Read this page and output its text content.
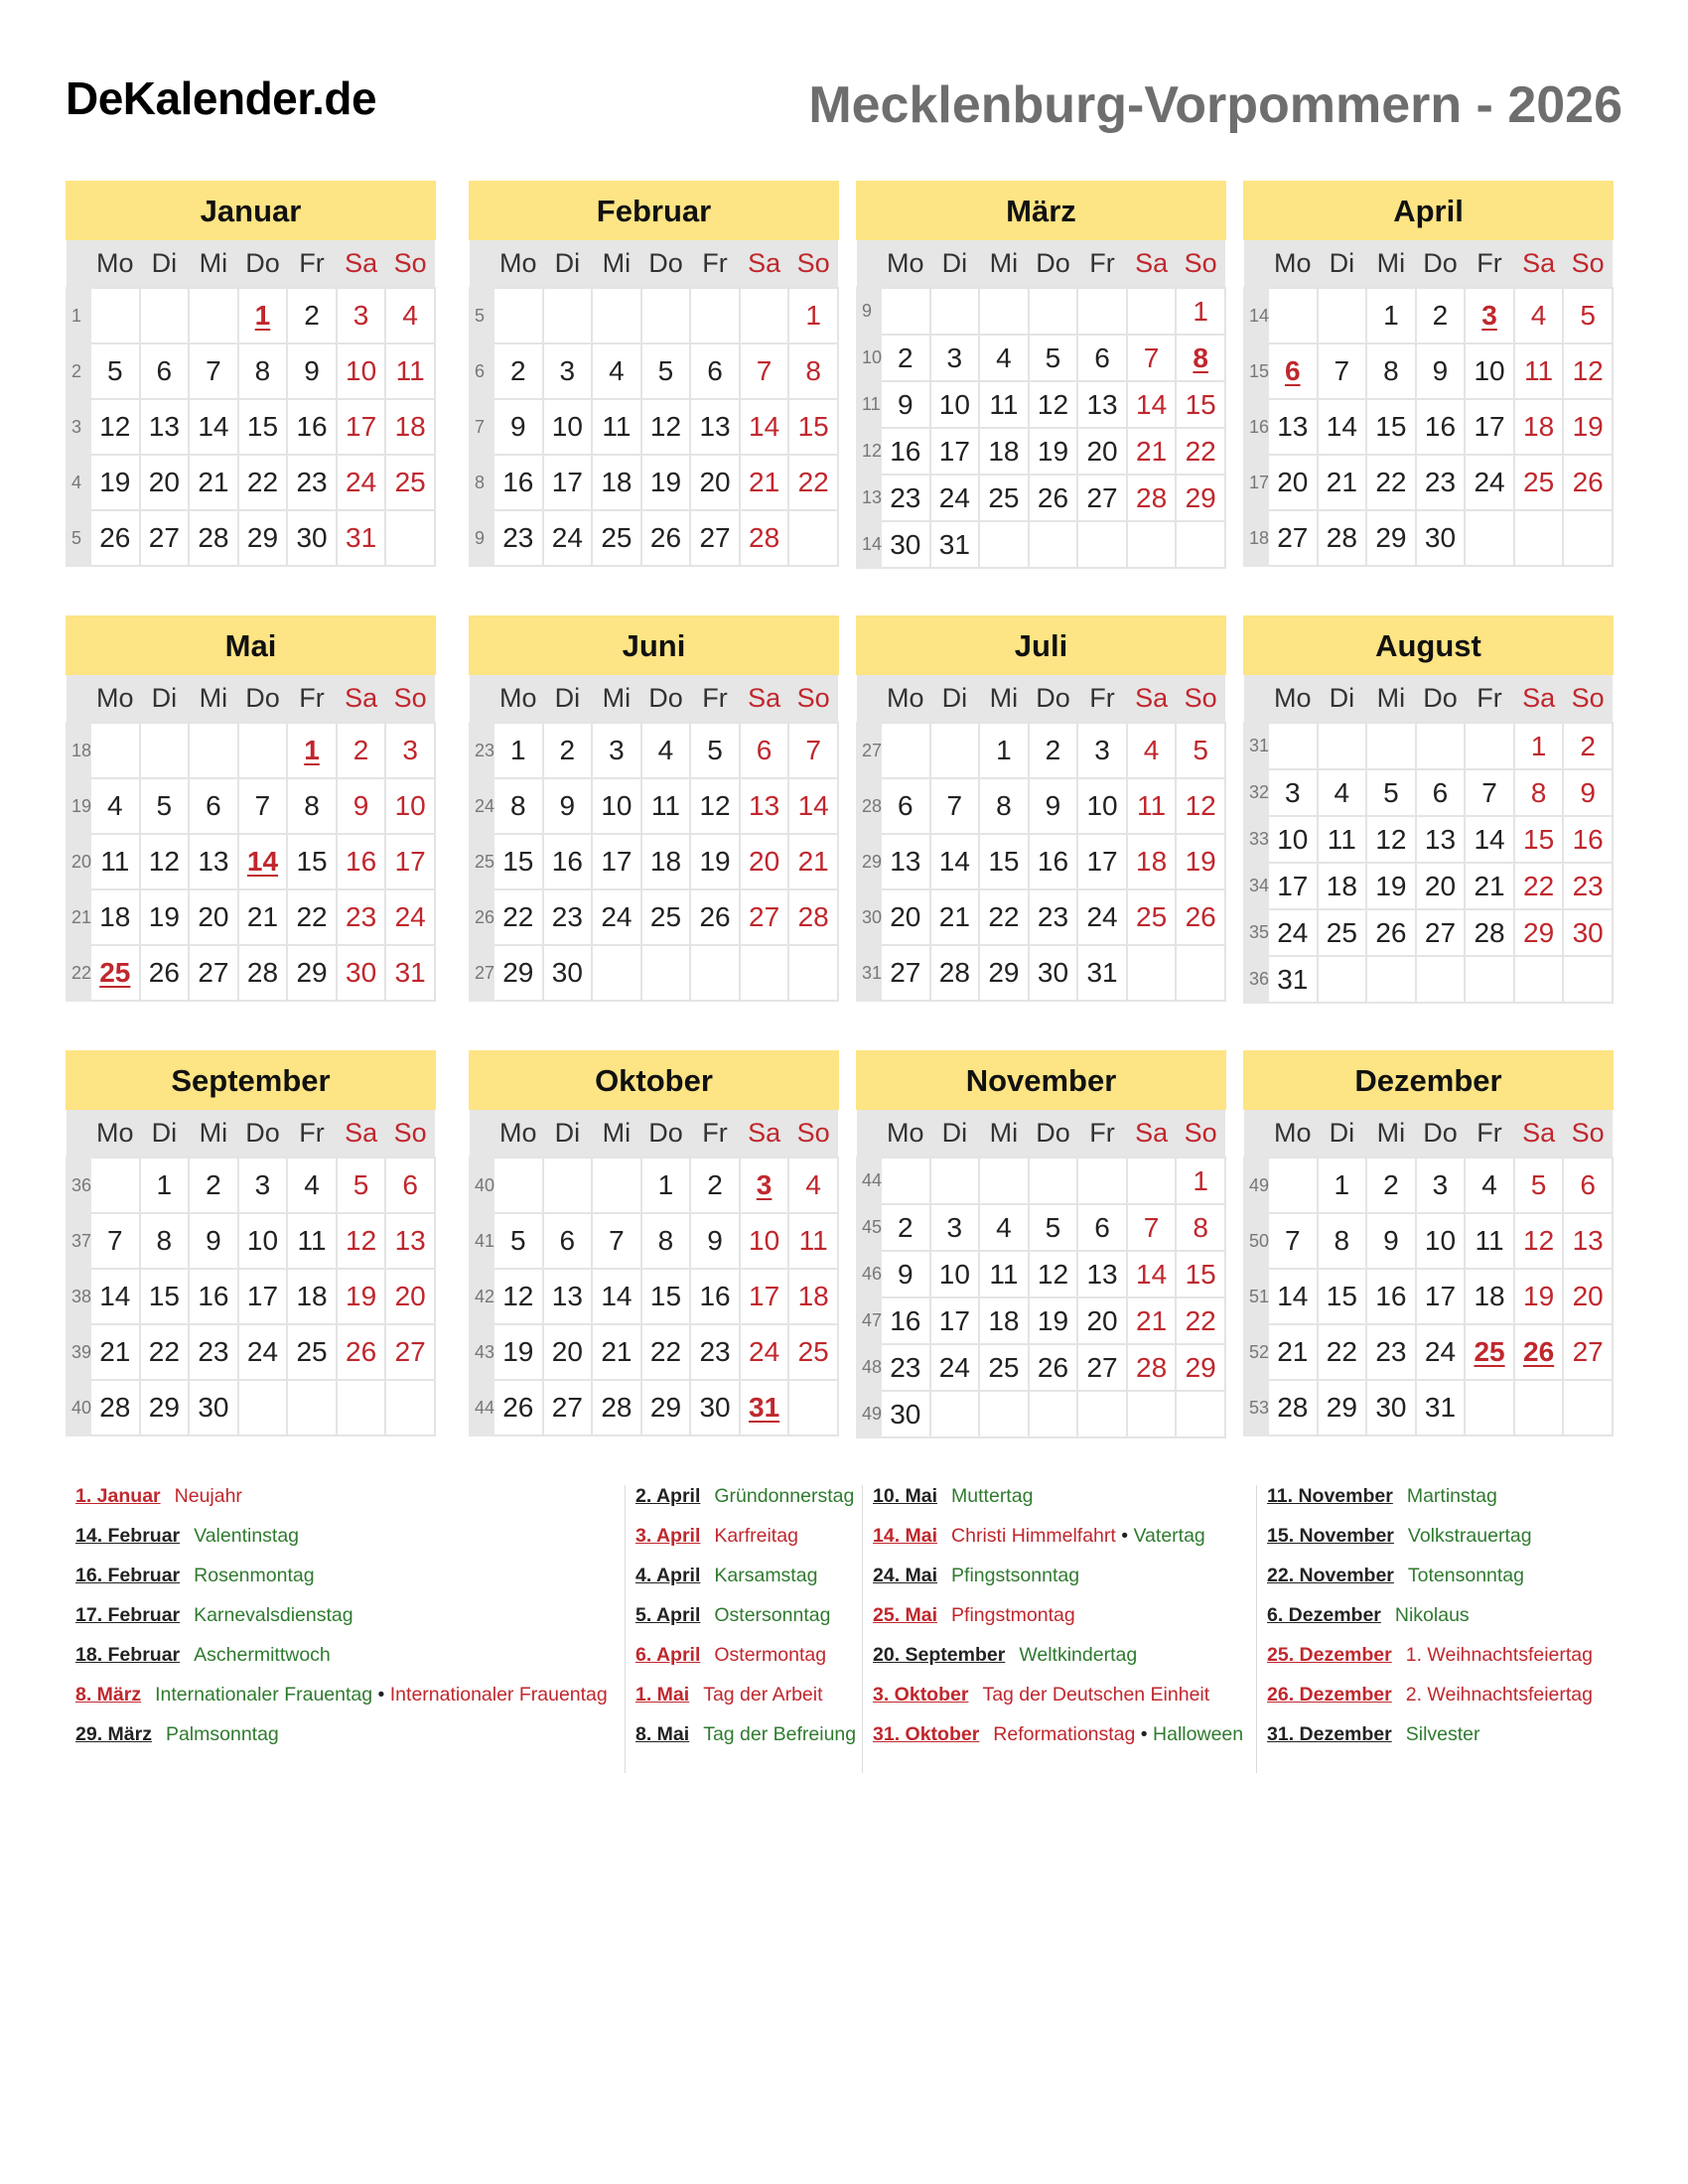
DeKalender.de	Mecklenburg-Vorpommern - 2026
Januar
	Mo	Di	Mi	Do	Fr	Sa	So
1				1	2	3	4
2	5	6	7	8	9	10	11
3	12	13	14	15	16	17	18
4	19	20	21	22	23	24	25
5	26	27	28	29	30	31	
Februar
	Mo	Di	Mi	Do	Fr	Sa	So
5							1
6	2	3	4	5	6	7	8
7	9	10	11	12	13	14	15
8	16	17	18	19	20	21	22
9	23	24	25	26	27	28	
März
	Mo	Di	Mi	Do	Fr	Sa	So
9							1
10	2	3	4	5	6	7	8
11	9	10	11	12	13	14	15
12	16	17	18	19	20	21	22
13	23	24	25	26	27	28	29
14	30	31					
April
	Mo	Di	Mi	Do	Fr	Sa	So
14			1	2	3	4	5
15	6	7	8	9	10	11	12
16	13	14	15	16	17	18	19
17	20	21	22	23	24	25	26
18	27	28	29	30			
Mai
	Mo	Di	Mi	Do	Fr	Sa	So
18					1	2	3
19	4	5	6	7	8	9	10
20	11	12	13	14	15	16	17
21	18	19	20	21	22	23	24
22	25	26	27	28	29	30	31
Juni
	Mo	Di	Mi	Do	Fr	Sa	So
23	1	2	3	4	5	6	7
24	8	9	10	11	12	13	14
25	15	16	17	18	19	20	21
26	22	23	24	25	26	27	28
27	29	30					
Juli
	Mo	Di	Mi	Do	Fr	Sa	So
27			1	2	3	4	5
28	6	7	8	9	10	11	12
29	13	14	15	16	17	18	19
30	20	21	22	23	24	25	26
31	27	28	29	30	31		
August
	Mo	Di	Mi	Do	Fr	Sa	So
31						1	2
32	3	4	5	6	7	8	9
33	10	11	12	13	14	15	16
34	17	18	19	20	21	22	23
35	24	25	26	27	28	29	30
36	31						
September
	Mo	Di	Mi	Do	Fr	Sa	So
36		1	2	3	4	5	6
37	7	8	9	10	11	12	13
38	14	15	16	17	18	19	20
39	21	22	23	24	25	26	27
40	28	29	30				
Oktober
	Mo	Di	Mi	Do	Fr	Sa	So
40				1	2	3	4
41	5	6	7	8	9	10	11
42	12	13	14	15	16	17	18
43	19	20	21	22	23	24	25
44	26	27	28	29	30	31	
November
	Mo	Di	Mi	Do	Fr	Sa	So
44							1
45	2	3	4	5	6	7	8
46	9	10	11	12	13	14	15
47	16	17	18	19	20	21	22
48	23	24	25	26	27	28	29
49	30						
Dezember
	Mo	Di	Mi	Do	Fr	Sa	So
49		1	2	3	4	5	6
50	7	8	9	10	11	12	13
51	14	15	16	17	18	19	20
52	21	22	23	24	25	26	27
53	28	29	30	31			
1. Januar Neujahr
14. Februar Valentinstag
16. Februar Rosenmontag
17. Februar Karnevalsdienstag
18. Februar Aschermittwoch
8. März Internationaler Frauentag • Internationaler Frauentag
29. März Palmsonntag
2. April Gründonnerstag
3. April Karfreitag
4. April Karsamstag
5. April Ostersonntag
6. April Ostermontag
1. Mai Tag der Arbeit
8. Mai Tag der Befreiung
10. Mai Muttertag
14. Mai Christi Himmelfahrt • Vatertag
24. Mai Pfingstsonntag
25. Mai Pfingstmontag
20. September Weltkindertag
3. Oktober Tag der Deutschen Einheit
31. Oktober Reformationstag • Halloween
11. November Martinstag
15. November Volkstrauertag
22. November Totensonntag
6. Dezember Nikolaus
25. Dezember 1. Weihnachtsfeiertag
26. Dezember 2. Weihnachtsfeiertag
31. Dezember Silvester
